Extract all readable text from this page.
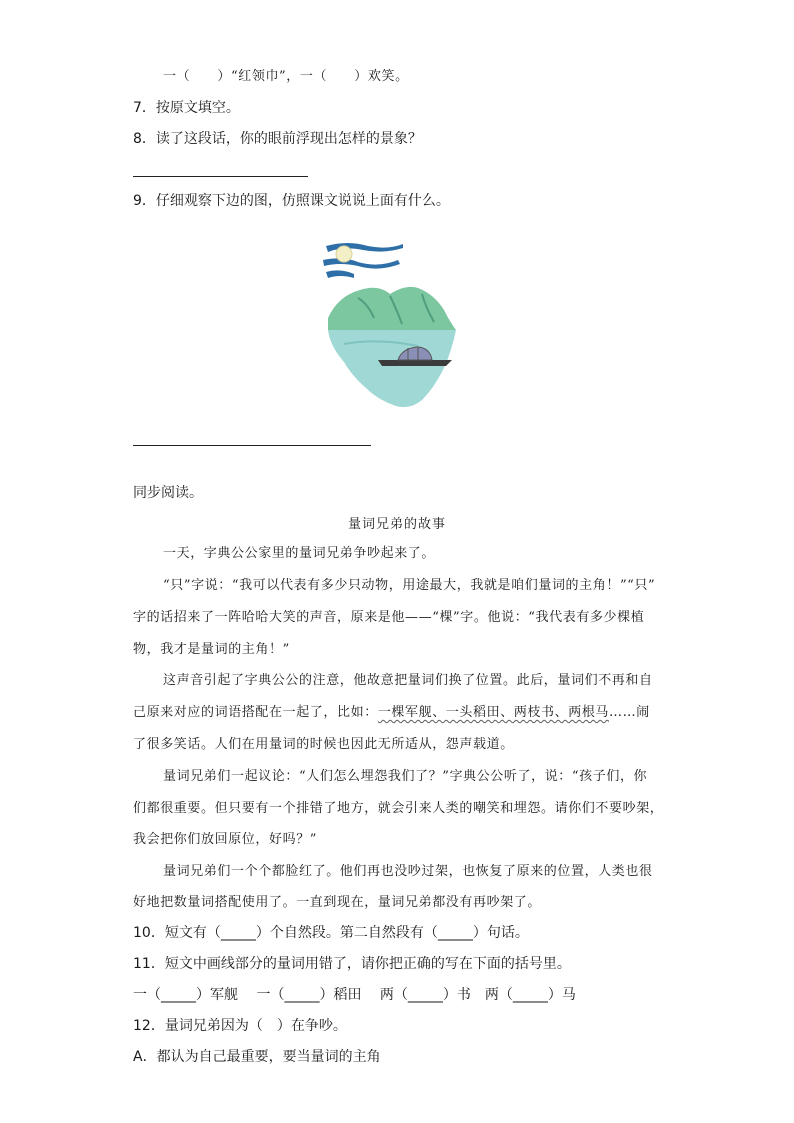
一（　　）“红领巾”，一（　　）欢笑。
7．按原文填空。
8．读了这段话，你的眼前浮现出怎样的景象？
9．仔细观察下边的图，仿照课文说说上面有什么。
同步阅读。
量词兄弟的故事
一天，字典公公家里的量词兄弟争吵起来了。
“只”字说：“我可以代表有多少只动物，用途最大，我就是咱们量词的主角！”“只”
字的话招来了一阵哈哈大笑的声音，原来是他——“棵”字。他说：“我代表有多少棵植
物，我才是量词的主角！”
这声音引起了字典公公的注意，他故意把量词们换了位置。此后，量词们不再和自
己原来对应的词语搭配在一起了，比如：一棵军舰、一头稻田、两枝书、两根马……闹
了很多笑话。人们在用量词的时候也因此无所适从，怨声载道。
量词兄弟们一起议论：“人们怎么埋怨我们了？”字典公公听了，说：“孩子们，你
们都很重要。但只要有一个排错了地方，就会引来人类的嘲笑和埋怨。请你们不要吵架，
我会把你们放回原位，好吗？”
量词兄弟们一个个都脸红了。他们再也没吵过架，也恢复了原来的位置，人类也很
好地把数量词搭配使用了。一直到现在，量词兄弟都没有再吵架了。
10．短文有（_____）个自然段。第二自然段有（_____）句话。
11．短文中画线部分的量词用错了，请你把正确的写在下面的括号里。
一（_____）军舰　 一（_____）稻田　 两（_____）书　两（_____）马
12．量词兄弟因为（　）在争吵。
A．都认为自己最重要，要当量词的主角
